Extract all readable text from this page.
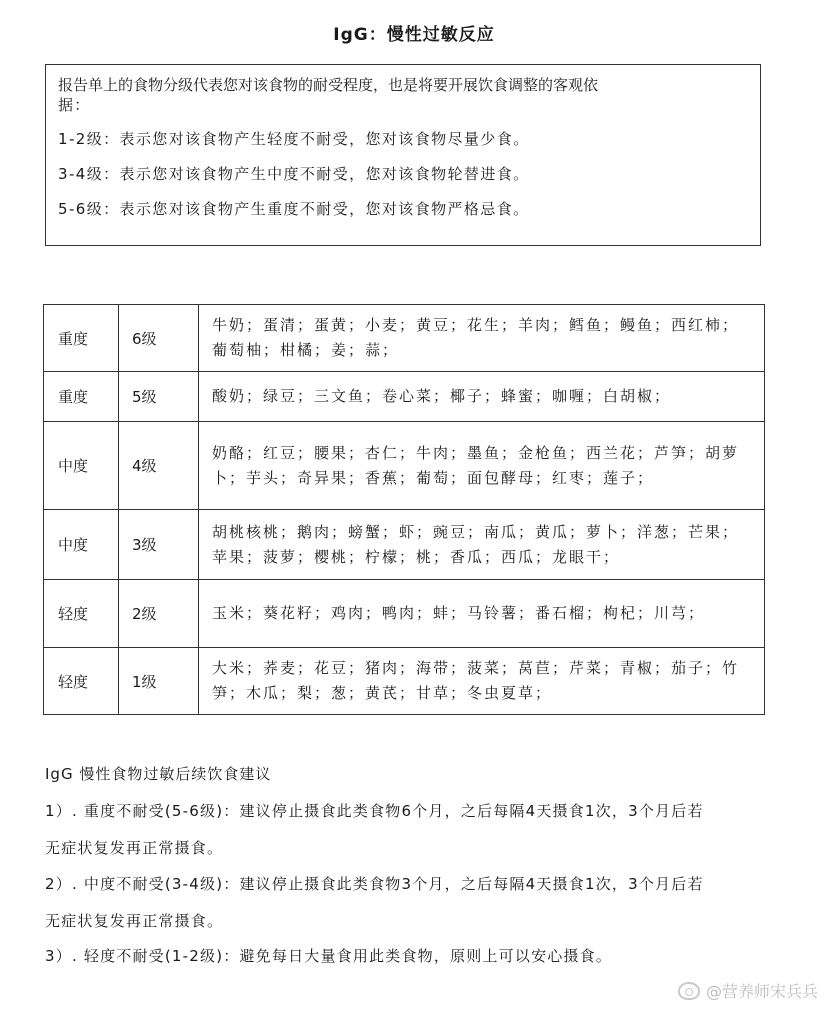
IgG：慢性过敏反应

报告单上的食物分级代表您对该食物的耐受程度，也是将要开展饮食调整的客观依

据：

1-2级：表示您对该食物产生轻度不耐受，您对该食物尽量少食。

3-4级：表示您对该食物产生中度不耐受，您对该食物轮替进食。

5-6级：表示您对该食物产生重度不耐受，您对该食物严格忌食。

重度	6级	牛奶；蛋清；蛋黄；小麦；黄豆；花生；羊肉；鳕鱼；鳗鱼；西红柿；葡萄柚；柑橘；姜；蒜；
重度	5级	酸奶；绿豆；三文鱼；卷心菜；椰子；蜂蜜；咖喱；白胡椒；
中度	4级	奶酪；红豆；腰果；杏仁；牛肉；墨鱼；金枪鱼；西兰花；芦笋；胡萝卜；芋头；奇异果；香蕉；葡萄；面包酵母；红枣；莲子；
中度	3级	胡桃核桃；鹅肉；螃蟹；虾；豌豆；南瓜；黄瓜；萝卜；洋葱；芒果；苹果；菠萝；樱桃；柠檬；桃；香瓜；西瓜；龙眼干；
轻度	2级	玉米；葵花籽；鸡肉；鸭肉；蚌；马铃薯；番石榴；枸杞；川芎；
轻度	1级	大米；荞麦；花豆；猪肉；海带；菠菜；莴苣；芹菜；青椒；茄子；竹笋；木瓜；梨；葱；黄芪；甘草；冬虫夏草；
IgG 慢性食物过敏后续饮食建议
1）. 重度不耐受(5-6级)：建议停止摄食此类食物6个月，之后每隔4天摄食1次，3个月后若
无症状复发再正常摄食。
2）. 中度不耐受(3-4级)：建议停止摄食此类食物3个月，之后每隔4天摄食1次，3个月后若
无症状复发再正常摄食。
3）. 轻度不耐受(1-2级)：避免每日大量食用此类食物，原则上可以安心摄食。
@营养师宋兵兵
